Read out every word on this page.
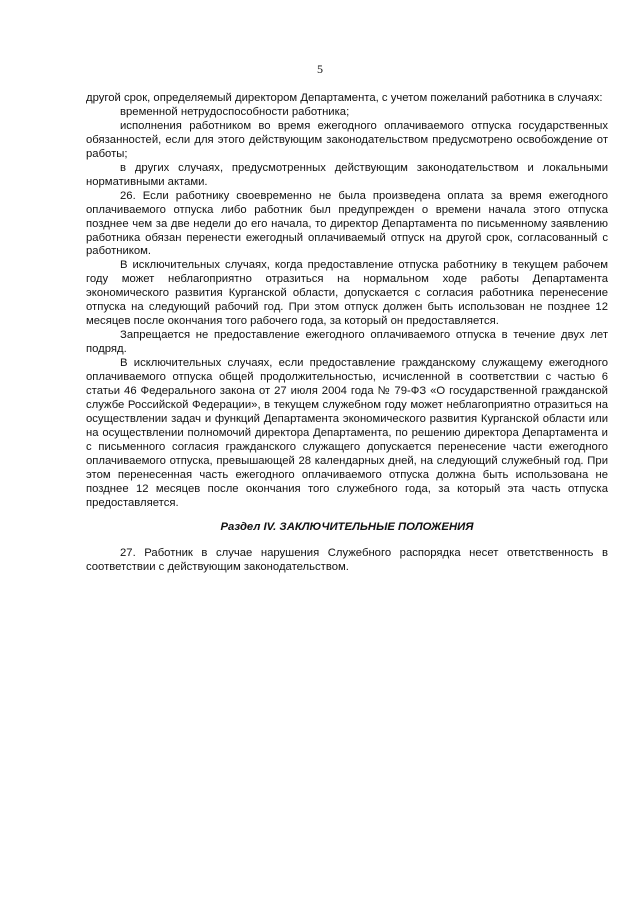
5

другой срок, определяемый директором Департамента, с учетом пожеланий работника в случаях:

временной нетрудоспособности работника;

исполнения работником во время ежегодного оплачиваемого отпуска государственных обязанностей, если для этого действующим законодательством предусмотрено освобождение от работы;

в других случаях, предусмотренных действующим законодательством и локальными нормативными актами.

26. Если работнику своевременно не была произведена оплата за время ежегодного оплачиваемого отпуска либо работник был предупрежден о времени начала этого отпуска позднее чем за две недели до его начала, то директор Департамента по письменному заявлению работника обязан перенести ежегодный оплачиваемый отпуск на другой срок, согласованный с работником.

В исключительных случаях, когда предоставление отпуска работнику в текущем рабочем году может неблагоприятно отразиться на нормальном ходе работы Департамента экономического развития Курганской области, допускается с согласия работника перенесение отпуска на следующий рабочий год. При этом отпуск должен быть использован не позднее 12 месяцев после окончания того рабочего года, за который он предоставляется.

Запрещается не предоставление ежегодного оплачиваемого отпуска в течение двух лет подряд.

В исключительных случаях, если предоставление гражданскому служащему ежегодного оплачиваемого отпуска общей продолжительностью, исчисленной в соответствии с частью 6 статьи 46 Федерального закона от 27 июля 2004 года № 79-ФЗ «О государственной гражданской службе Российской Федерации», в текущем служебном году может неблагоприятно отразиться на осуществлении задач и функций Департамента экономического развития Курганской области или на осуществлении полномочий директора Департамента, по решению директора Департамента и с письменного согласия гражданского служащего допускается перенесение части ежегодного оплачиваемого отпуска, превышающей 28 календарных дней, на следующий служебный год. При этом перенесенная часть ежегодного оплачиваемого отпуска должна быть использована не позднее 12 месяцев после окончания того служебного года, за который эта часть отпуска предоставляется.

Раздел IV. ЗАКЛЮЧИТЕЛЬНЫЕ ПОЛОЖЕНИЯ

27. Работник в случае нарушения Служебного распорядка несет ответственность в соответствии с действующим законодательством.
